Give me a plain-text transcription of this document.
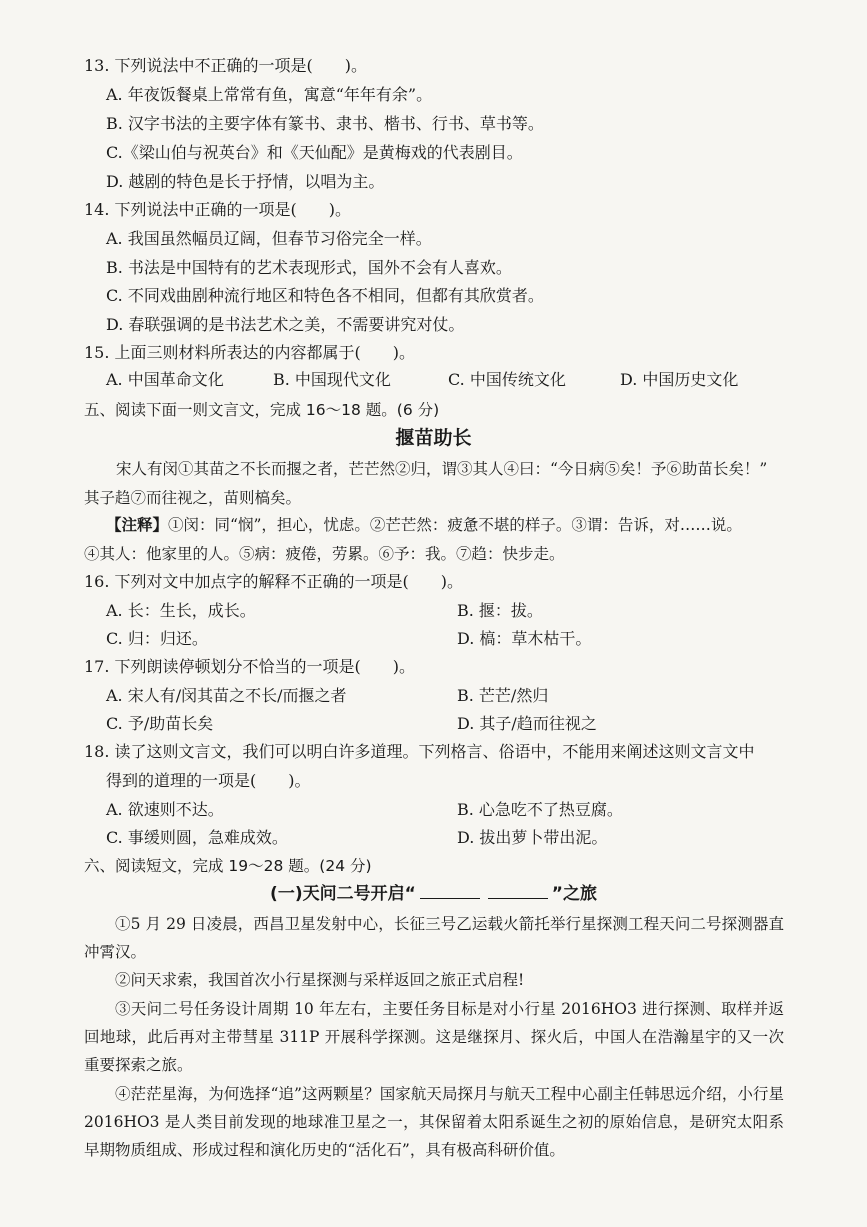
13. 下列说法中不正确的一项是(　　)。
A. 年夜饭餐桌上常常有鱼，寓意“年年有余”。
B. 汉字书法的主要字体有篆书、隶书、楷书、行书、草书等。
C.《梁山伯与祝英台》和《天仙配》是黄梅戏的代表剧目。
D. 越剧的特色是长于抒情，以唱为主。
14. 下列说法中正确的一项是(　　)。
A. 我国虽然幅员辽阔，但春节习俗完全一样。
B. 书法是中国特有的艺术表现形式，国外不会有人喜欢。
C. 不同戏曲剧种流行地区和特色各不相同，但都有其欣赏者。
D. 春联强调的是书法艺术之美，不需要讲究对仗。
15. 上面三则材料所表达的内容都属于(　　)。
A. 中国革命文化	B. 中国现代文化	C. 中国传统文化	D. 中国历史文化
五、阅读下面一则文言文，完成 16～18 题。(6 分)
揠苗助长
宋人有闵①其苗之不长而揠之者，芒芒然②归，谓③其人④曰：“今日病⑤矣！予⑥助苗长矣！”
其子趋⑦而往视之，苗则槁矣。
【注释】①闵：同“悯”，担心，忧虑。②芒芒然：疲惫不堪的样子。③谓：告诉，对……说。
④其人：他家里的人。⑤病：疲倦，劳累。⑥予：我。⑦趋：快步走。
16. 下列对文中加点字的解释不正确的一项是(　　)。
A. 长：生长，成长。	B. 揠：拔。
C. 归：归还。	D. 槁：草木枯干。
17. 下列朗读停顿划分不恰当的一项是(　　)。
A. 宋人有/闵其苗之不长/而揠之者	B. 芒芒/然归
C. 予/助苗长矣	D. 其子/趋而往视之
18. 读了这则文言文，我们可以明白许多道理。下列格言、俗语中，不能用来阐述这则文言文中
得到的道理的一项是(　　)。
A. 欲速则不达。	B. 心急吃不了热豆腐。
C. 事缓则圆，急难成效。	D. 拔出萝卜带出泥。
六、阅读短文，完成 19～28 题。(24 分)
(一)天问二号开启“	”之旅
①5 月 29 日凌晨，西昌卫星发射中心，长征三号乙运载火箭托举行星探测工程天问二号探测器直冲霄汉。
②问天求索，我国首次小行星探测与采样返回之旅正式启程!
③天问二号任务设计周期 10 年左右，主要任务目标是对小行星 2016HO3 进行探测、取样并返回地球，此后再对主带彗星 311P 开展科学探测。这是继探月、探火后，中国人在浩瀚星宇的又一次重要探索之旅。
④茫茫星海，为何选择“追”这两颗星？国家航天局探月与航天工程中心副主任韩思远介绍，小行星 2016HO3 是人类目前发现的地球准卫星之一，其保留着太阳系诞生之初的原始信息，是研究太阳系早期物质组成、形成过程和演化历史的“活化石”，具有极高科研价值。
